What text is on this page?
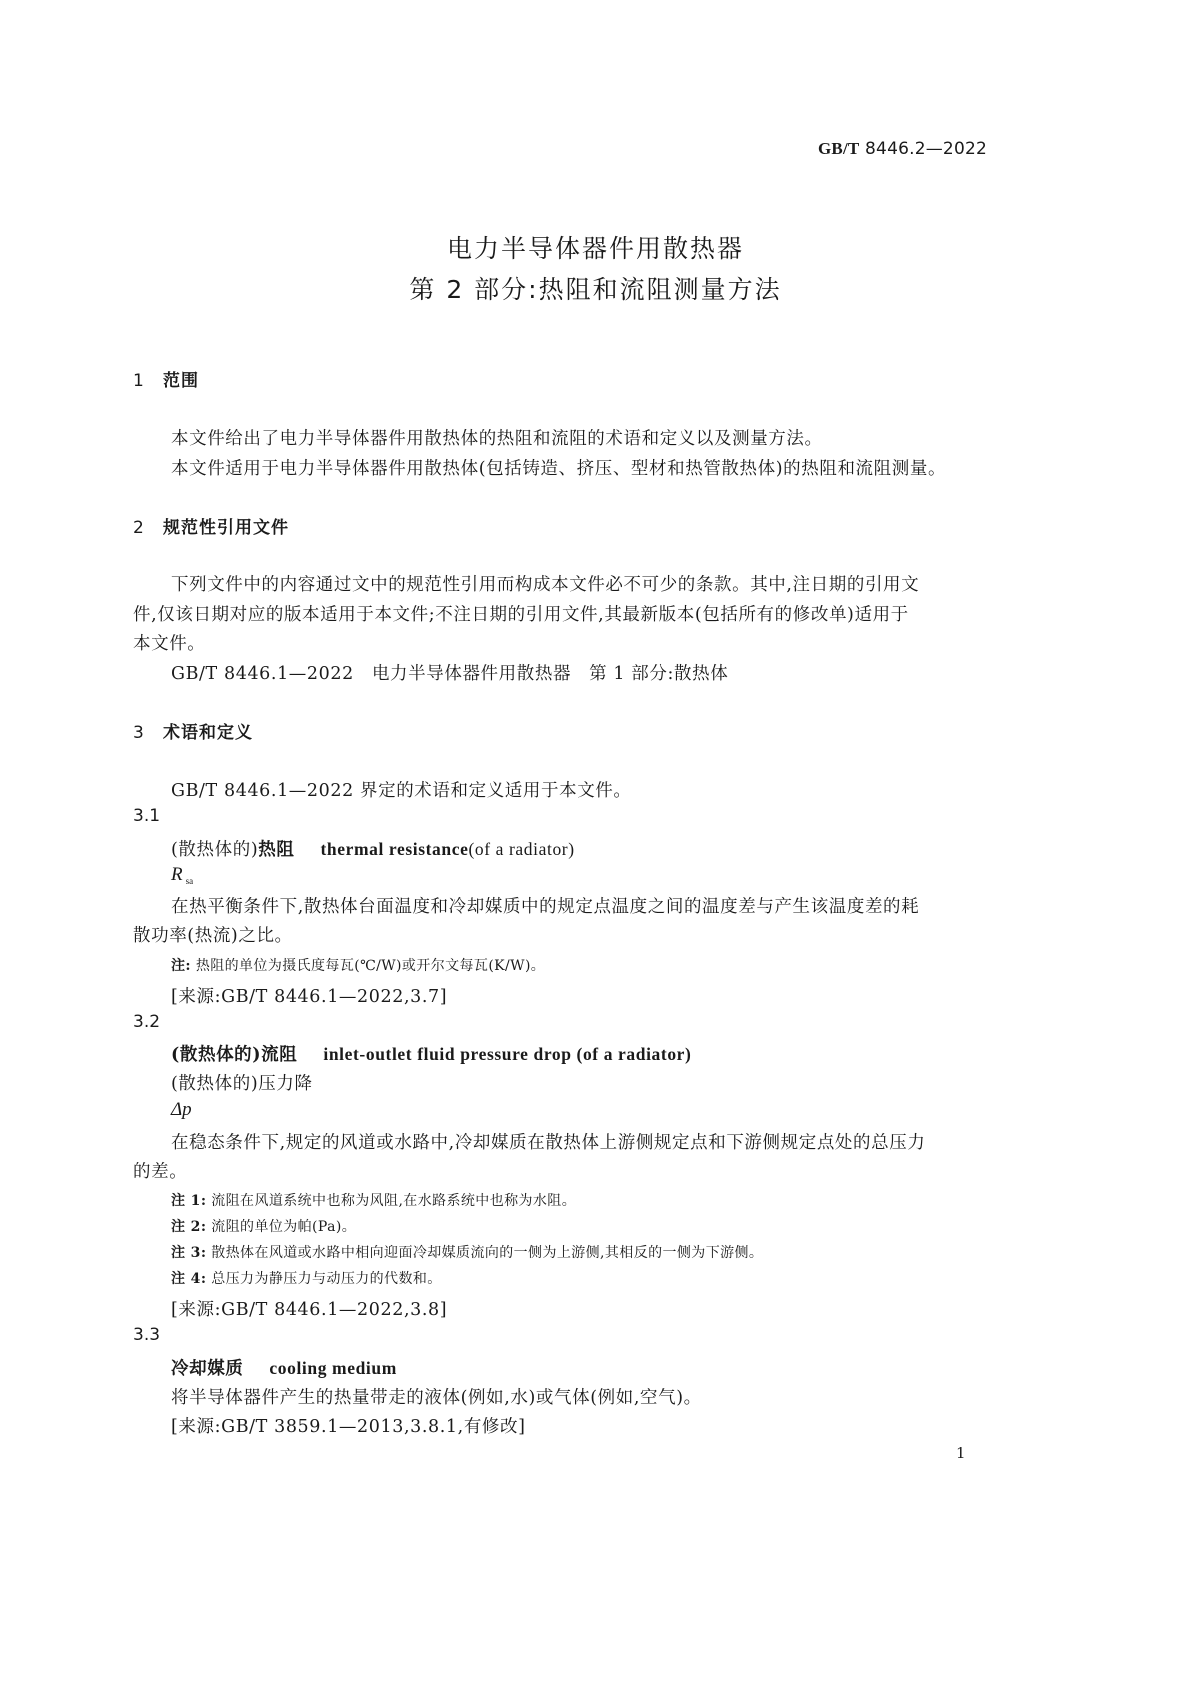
GB/T 8446.2—2022
电力半导体器件用散热器
第 2 部分:热阻和流阻测量方法
1 范围
本文件给出了电力半导体器件用散热体的热阻和流阻的术语和定义以及测量方法。
本文件适用于电力半导体器件用散热体(包括铸造、挤压、型材和热管散热体)的热阻和流阻测量。
2 规范性引用文件
下列文件中的内容通过文中的规范性引用而构成本文件必不可少的条款。其中,注日期的引用文
件,仅该日期对应的版本适用于本文件;不注日期的引用文件,其最新版本(包括所有的修改单)适用于
本文件。
GB/T 8446.1—2022　电力半导体器件用散热器　第 1 部分:散热体
3 术语和定义
GB/T 8446.1—2022 界定的术语和定义适用于本文件。
3.1
(散热体的)热阻 thermal resistance(of a radiator)
R $_{sa}$
在热平衡条件下,散热体台面温度和冷却媒质中的规定点温度之间的温度差与产生该温度差的耗
散功率(热流)之比。
注: 热阻的单位为摄氏度每瓦(℃/W)或开尔文每瓦(K/W)。
[来源:GB/T 8446.1—2022,3.7]
3.2
(散热体的)流阻 inlet-outlet fluid pressure drop (of a radiator)
(散热体的)压力降
Δp
在稳态条件下,规定的风道或水路中,冷却媒质在散热体上游侧规定点和下游侧规定点处的总压力
的差。
注 1: 流阻在风道系统中也称为风阻,在水路系统中也称为水阻。
注 2: 流阻的单位为帕(Pa)。
注 3: 散热体在风道或水路中相向迎面冷却媒质流向的一侧为上游侧,其相反的一侧为下游侧。
注 4: 总压力为静压力与动压力的代数和。
[来源:GB/T 8446.1—2022,3.8]
3.3
冷却媒质 cooling medium
将半导体器件产生的热量带走的液体(例如,水)或气体(例如,空气)。
[来源:GB/T 3859.1—2013,3.8.1,有修改]
1
